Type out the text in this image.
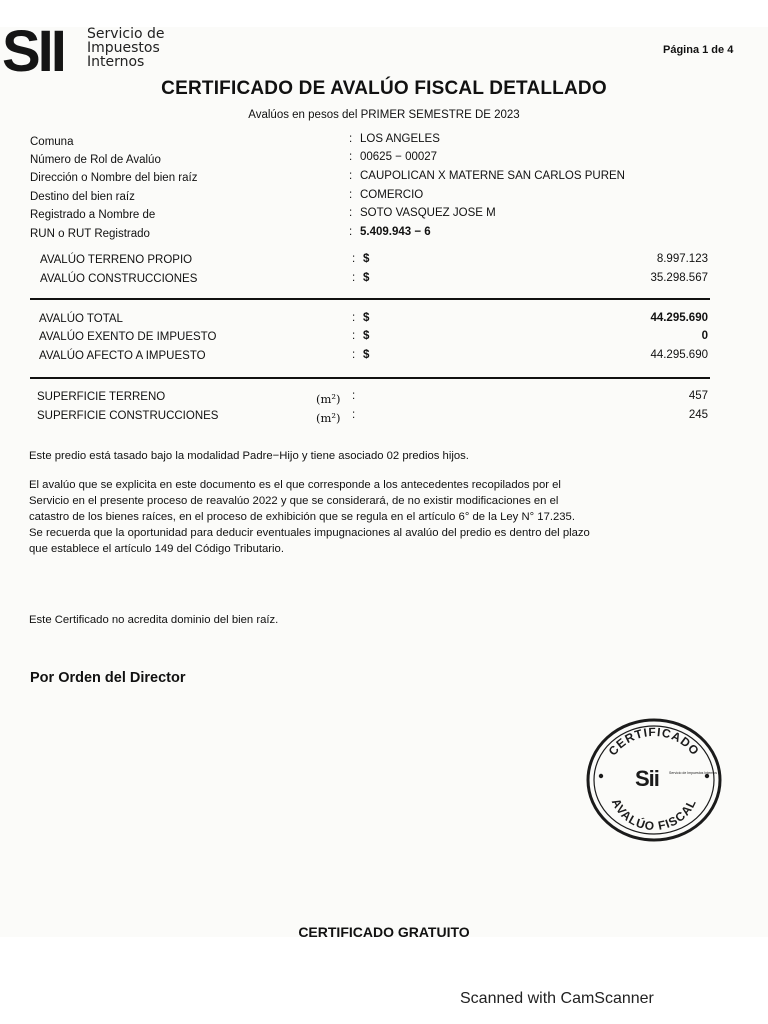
SII Servicio de
Impuestos
Internos
Página 1 de 4
CERTIFICADO DE AVALÚO FISCAL DETALLADO
Avalúos en pesos del PRIMER SEMESTRE DE 2023
Comuna	: LOS ANGELES
Número de Rol de Avalúo	: 00625 − 00027
Dirección o Nombre del bien raíz	: CAUPOLICAN X MATERNE SAN CARLOS PUREN
Destino del bien raíz	: COMERCIO
Registrado a Nombre de	: SOTO VASQUEZ JOSE M
RUN o RUT Registrado	: 5.409.943 − 6
AVALÚO TERRENO PROPIO	: $	8.997.123
AVALÚO CONSTRUCCIONES	: $	35.298.567
AVALÚO TOTAL	: $	44.295.690
AVALÚO EXENTO DE IMPUESTO	: $	0
AVALÚO AFECTO A IMPUESTO	: $	44.295.690
SUPERFICIE TERRENO	(m²) :	457
SUPERFICIE CONSTRUCCIONES	(m²) :	245
Este predio está tasado bajo la modalidad Padre−Hijo y tiene asociado 02 predios hijos.
El avalúo que se explicita en este documento es el que corresponde a los antecedentes recopilados por el
Servicio en el presente proceso de reavalúo 2022 y que se considerará, de no existir modificaciones en el
catastro de los bienes raíces, en el proceso de exhibición que se regula en el artículo 6° de la Ley N° 17.235.
Se recuerda que la oportunidad para deducir eventuales impugnaciones al avalúo del predio es dentro del plazo
que establece el artículo 149 del Código Tributario.
Este Certificado no acredita dominio del bien raíz.
Por Orden del Director
CERTIFICADO
AVALÚO FISCAL
Sii	Servicio de Impuestos Internos
CERTIFICADO GRATUITO
Scanned with CamScanner
